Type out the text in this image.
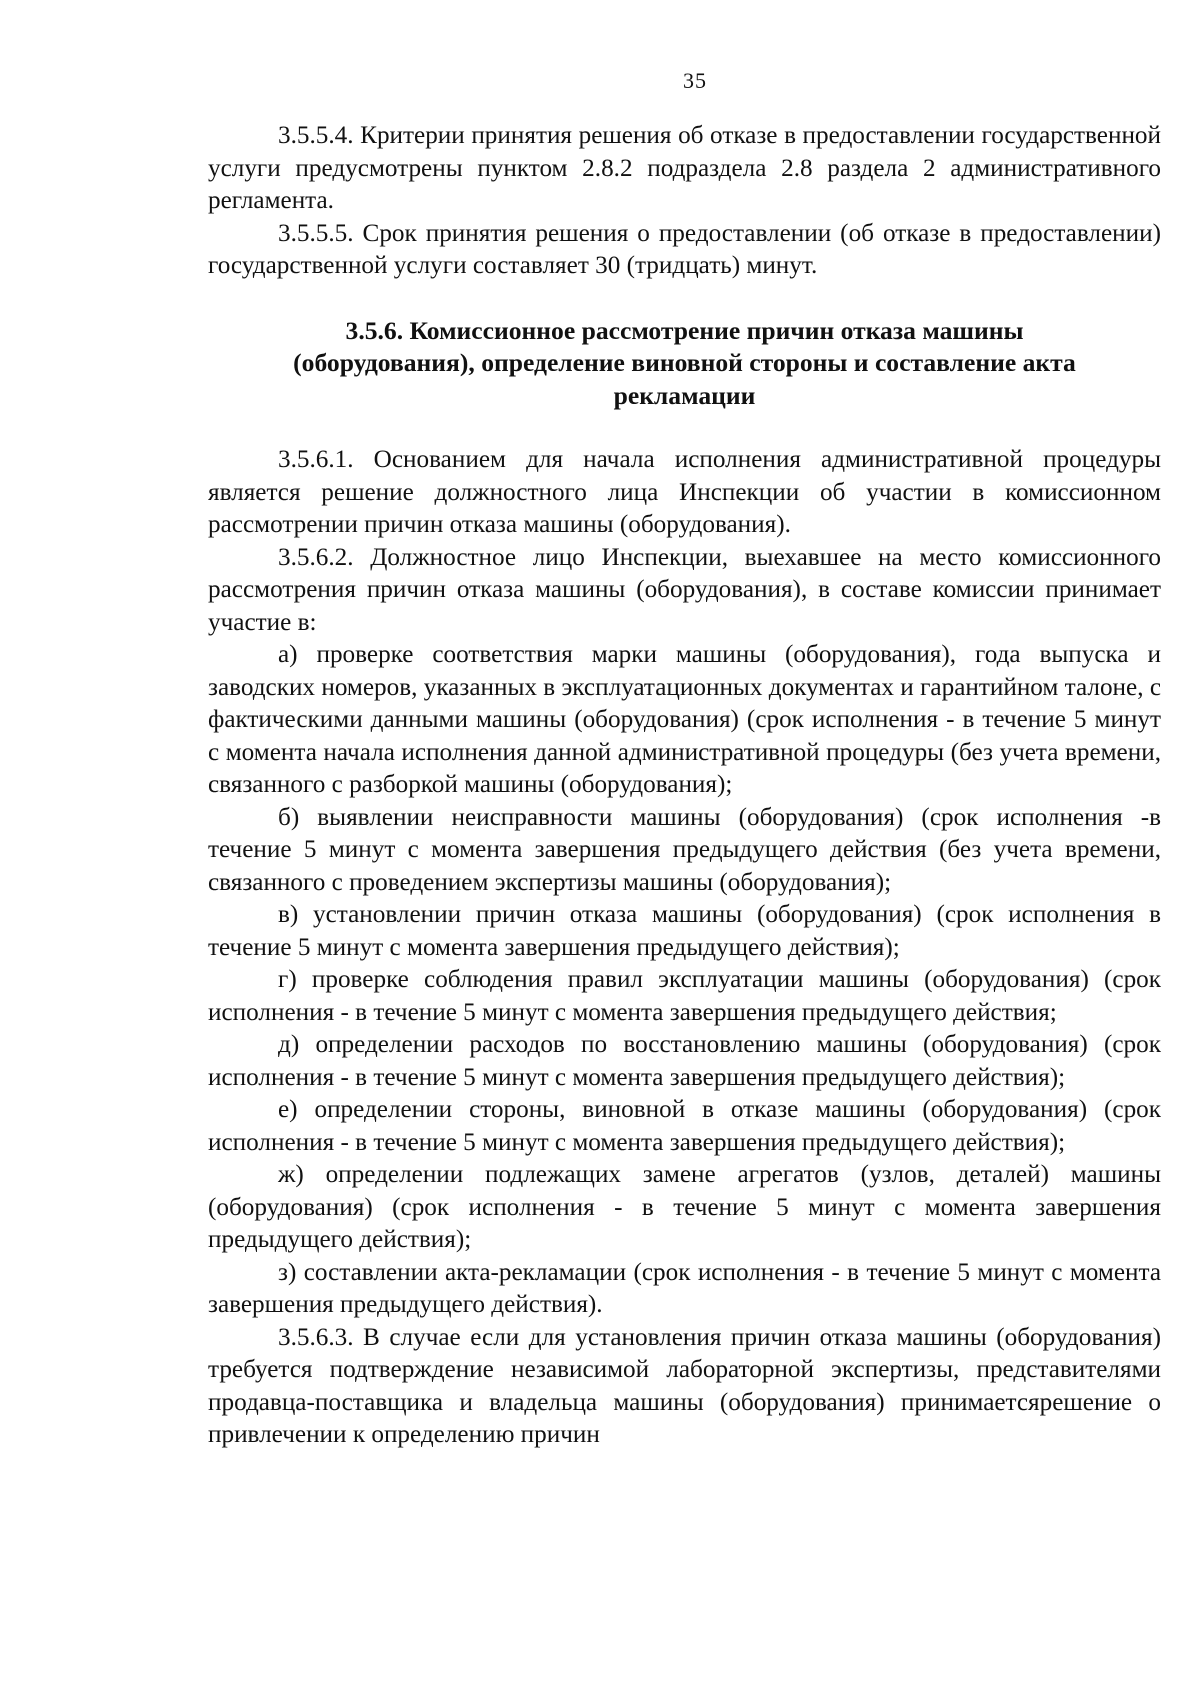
35

3.5.5.4. Критерии принятия решения об отказе в предоставлении государственной услуги предусмотрены пунктом 2.8.2 подраздела 2.8 раздела 2 административного регламента.

3.5.5.5. Срок принятия решения о предоставлении (об отказе в предоставлении) государственной услуги составляет 30 (тридцать) минут.

3.5.6. Комиссионное рассмотрение причин отказа машины
(оборудования), определение виновной стороны и составление акта
рекламации

3.5.6.1. Основанием для начала исполнения административной процедуры является решение должностного лица Инспекции об участии в комиссионном рассмотрении причин отказа машины (оборудования).

3.5.6.2. Должностное лицо Инспекции, выехавшее на место комиссионного рассмотрения причин отказа машины (оборудования), в составе комиссии принимает участие в:

а) проверке соответствия марки машины (оборудования), года выпуска и заводских номеров, указанных в эксплуатационных документах и гарантийном талоне, с фактическими данными машины (оборудования) (срок исполнения - в течение 5 минут с момента начала исполнения данной административной процедуры (без учета времени, связанного с разборкой машины (оборудования);

б) выявлении неисправности машины (оборудования) (срок исполнения -в течение 5 минут с момента завершения предыдущего действия (без учета времени, связанного с проведением экспертизы машины (оборудования);

в) установлении причин отказа машины (оборудования) (срок исполнения в течение 5 минут с момента завершения предыдущего действия);

г) проверке соблюдения правил эксплуатации машины (оборудования) (срок исполнения - в течение 5 минут с момента завершения предыдущего действия;

д) определении расходов по восстановлению машины (оборудования) (срок исполнения - в течение 5 минут с момента завершения предыдущего действия);

е) определении стороны, виновной в отказе машины (оборудования) (срок исполнения - в течение 5 минут с момента завершения предыдущего действия);

ж) определении подлежащих замене агрегатов (узлов, деталей) машины (оборудования) (срок исполнения - в течение 5 минут с момента завершения предыдущего действия);

з) составлении акта-рекламации (срок исполнения - в течение 5 минут с момента завершения предыдущего действия).

3.5.6.3. В случае если для установления причин отказа машины (оборудования) требуется подтверждение независимой лабораторной экспертизы, представителями продавца-поставщика и владельца машины (оборудования) принимаетсярешение о привлечении к определению причин
